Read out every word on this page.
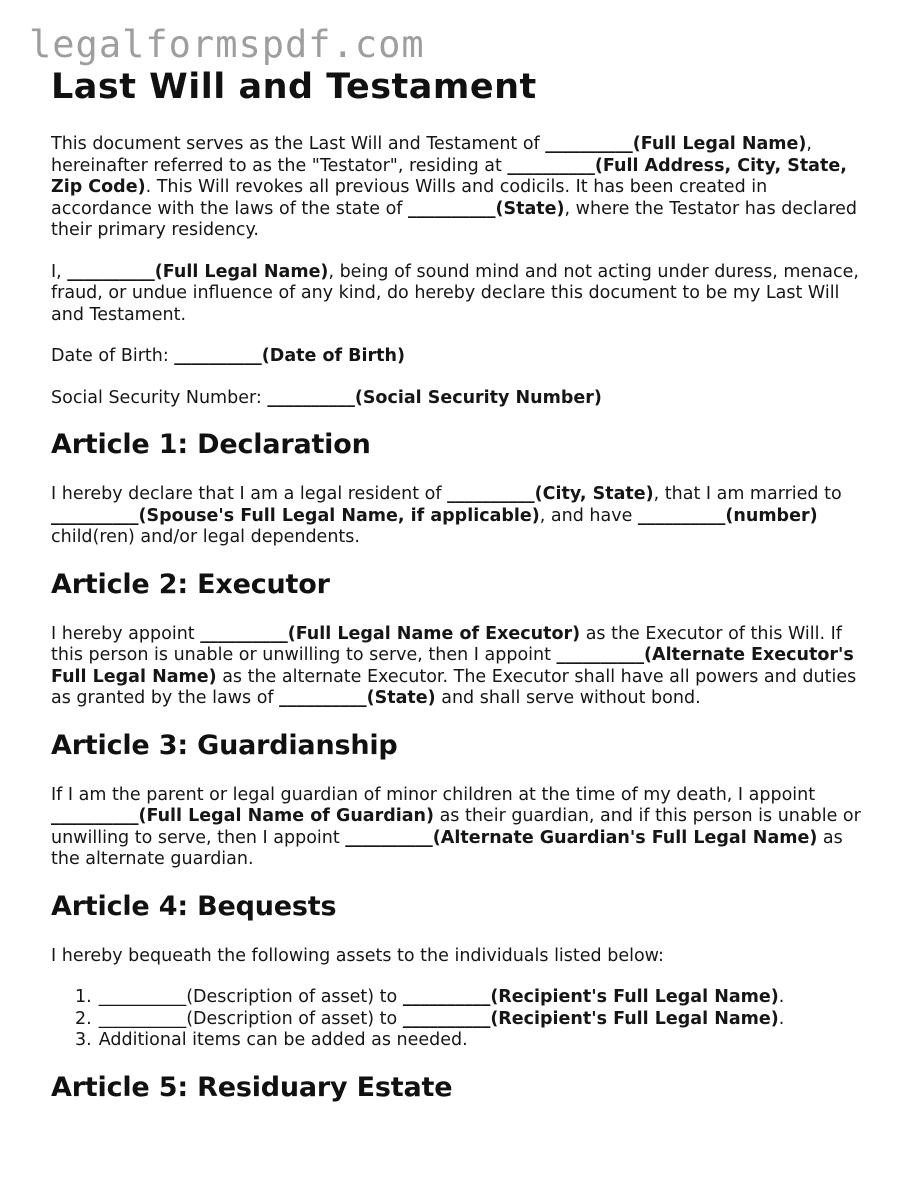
legalformspdf.com
Last Will and Testament

This document serves as the Last Will and Testament of __________(Full Legal Name), hereinafter referred to as the "Testator", residing at __________(Full Address, City, State, Zip Code). This Will revokes all previous Wills and codicils. It has been created in accordance with the laws of the state of __________(State), where the Testator has declared their primary residency.

I, __________(Full Legal Name), being of sound mind and not acting under duress, menace, fraud, or undue influence of any kind, do hereby declare this document to be my Last Will and Testament.

Date of Birth: __________(Date of Birth)

Social Security Number: __________(Social Security Number)

Article 1: Declaration

I hereby declare that I am a legal resident of __________(City, State), that I am married to __________(Spouse's Full Legal Name, if applicable), and have __________(number) child(ren) and/or legal dependents.

Article 2: Executor

I hereby appoint __________(Full Legal Name of Executor) as the Executor of this Will. If this person is unable or unwilling to serve, then I appoint __________(Alternate Executor's Full Legal Name) as the alternate Executor. The Executor shall have all powers and duties as granted by the laws of __________(State) and shall serve without bond.

Article 3: Guardianship

If I am the parent or legal guardian of minor children at the time of my death, I appoint __________(Full Legal Name of Guardian) as their guardian, and if this person is unable or unwilling to serve, then I appoint __________(Alternate Guardian's Full Legal Name) as the alternate guardian.

Article 4: Bequests

I hereby bequeath the following assets to the individuals listed below:

1. __________(Description of asset) to __________(Recipient's Full Legal Name).
2. __________(Description of asset) to __________(Recipient's Full Legal Name).
3. Additional items can be added as needed.
Article 5: Residuary Estate
